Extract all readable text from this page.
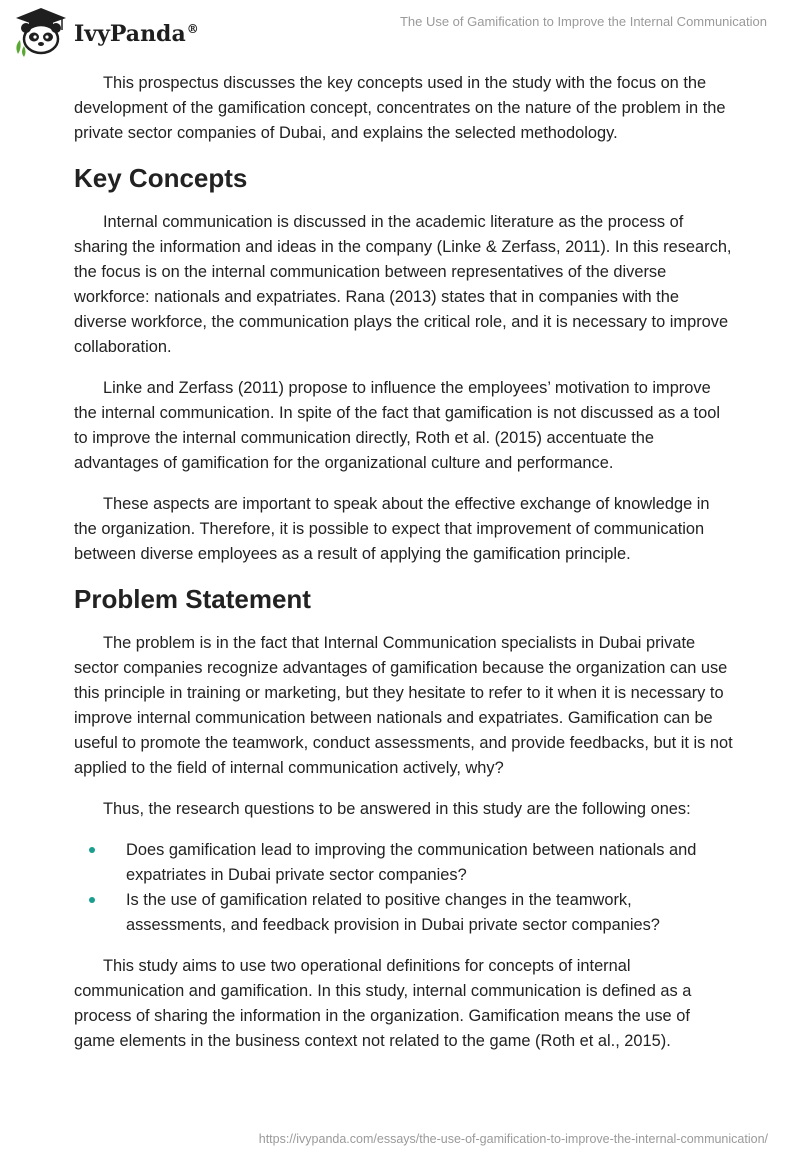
IvyPanda®	The Use of Gamification to Improve the Internal Communication

This prospectus discusses the key concepts used in the study with the focus on the development of the gamification concept, concentrates on the nature of the problem in the private sector companies of Dubai, and explains the selected methodology.

Key Concepts

Internal communication is discussed in the academic literature as the process of sharing the information and ideas in the company (Linke & Zerfass, 2011). In this research, the focus is on the internal communication between representatives of the diverse workforce: nationals and expatriates. Rana (2013) states that in companies with the diverse workforce, the communication plays the critical role, and it is necessary to improve collaboration.

Linke and Zerfass (2011) propose to influence the employees’ motivation to improve the internal communication. In spite of the fact that gamification is not discussed as a tool to improve the internal communication directly, Roth et al. (2015) accentuate the advantages of gamification for the organizational culture and performance.

These aspects are important to speak about the effective exchange of knowledge in the organization. Therefore, it is possible to expect that improvement of communication between diverse employees as a result of applying the gamification principle.

Problem Statement

The problem is in the fact that Internal Communication specialists in Dubai private sector companies recognize advantages of gamification because the organization can use this principle in training or marketing, but they hesitate to refer to it when it is necessary to improve internal communication between nationals and expatriates. Gamification can be useful to promote the teamwork, conduct assessments, and provide feedbacks, but it is not applied to the field of internal communication actively, why?

Thus, the research questions to be answered in this study are the following ones:

Does gamification lead to improving the communication between nationals and expatriates in Dubai private sector companies?
Is the use of gamification related to positive changes in the teamwork, assessments, and feedback provision in Dubai private sector companies?

This study aims to use two operational definitions for concepts of internal communication and gamification. In this study, internal communication is defined as a process of sharing the information in the organization. Gamification means the use of game elements in the business context not related to the game (Roth et al., 2015).

https://ivypanda.com/essays/the-use-of-gamification-to-improve-the-internal-communication/
